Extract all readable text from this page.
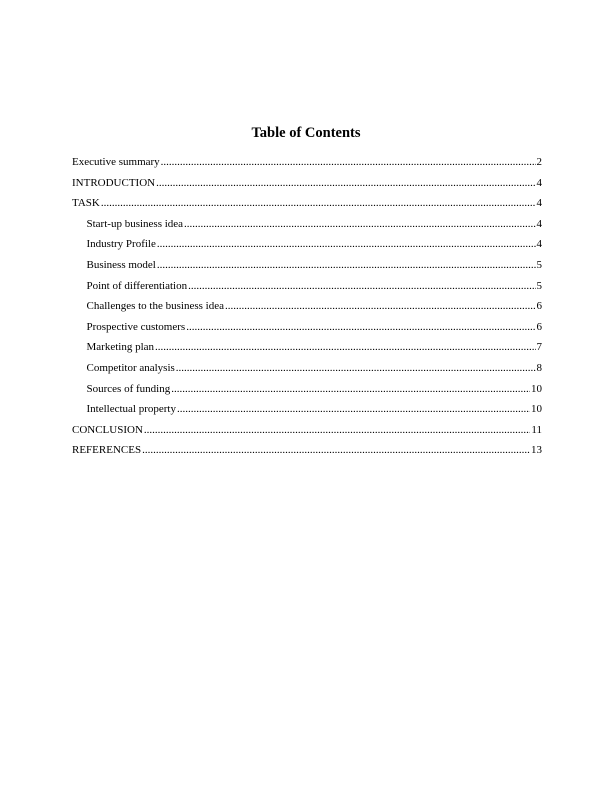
Table of Contents
Executive summary .....	2
INTRODUCTION .....	4
TASK .....	4
Start-up business idea .....	4
Industry Profile .....	4
Business model .....	5
Point of differentiation .....	5
Challenges to the business idea .....	6
Prospective customers .....	6
Marketing plan .....	7
Competitor analysis .....	8
Sources of funding .....	10
Intellectual property .....	10
CONCLUSION .....	11
REFERENCES .....	13
